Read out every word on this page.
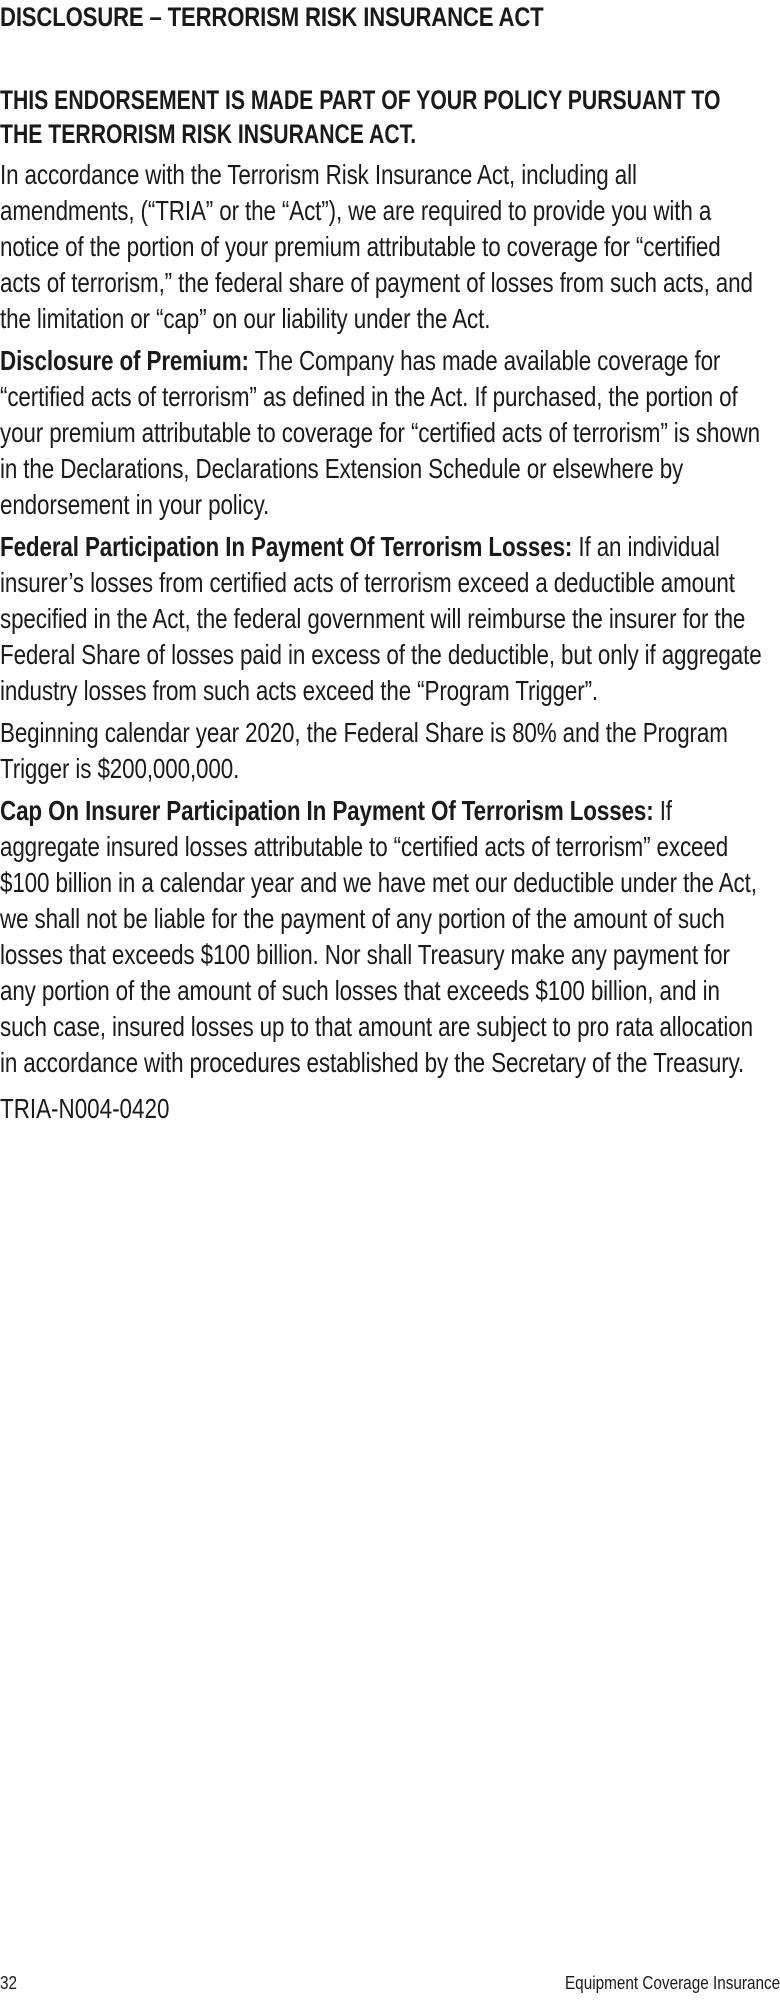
DISCLOSURE – TERRORISM RISK INSURANCE ACT
THIS ENDORSEMENT IS MADE PART OF YOUR POLICY PURSUANT TO THE TERRORISM RISK INSURANCE ACT.

In accordance with the Terrorism Risk Insurance Act, including all amendments, (“TRIA” or the “Act”), we are required to provide you with a notice of the portion of your premium attributable to coverage for “certified acts of terrorism,” the federal share of payment of losses from such acts, and the limitation or “cap” on our liability under the Act.

Disclosure of Premium: The Company has made available coverage for “certified acts of terrorism” as defined in the Act. If purchased, the portion of your premium attributable to coverage for “certified acts of terrorism” is shown in the Declarations, Declarations Extension Schedule or elsewhere by endorsement in your policy.

Federal Participation In Payment Of Terrorism Losses: If an individual insurer’s losses from certified acts of terrorism exceed a deductible amount specified in the Act, the federal government will reimburse the insurer for the Federal Share of losses paid in excess of the deductible, but only if aggregate industry losses from such acts exceed the “Program Trigger”.

Beginning calendar year 2020, the Federal Share is 80% and the Program Trigger is $200,000,000.

Cap On Insurer Participation In Payment Of Terrorism Losses: If aggregate insured losses attributable to “certified acts of terrorism” exceed $100 billion in a calendar year and we have met our deductible under the Act, we shall not be liable for the payment of any portion of the amount of such losses that exceeds $100 billion. Nor shall Treasury make any payment for any portion of the amount of such losses that exceeds $100 billion, and in such case, insured losses up to that amount are subject to pro rata allocation in accordance with procedures established by the Secretary of the Treasury.

TRIA-N004-0420
32	Equipment Coverage Insurance
